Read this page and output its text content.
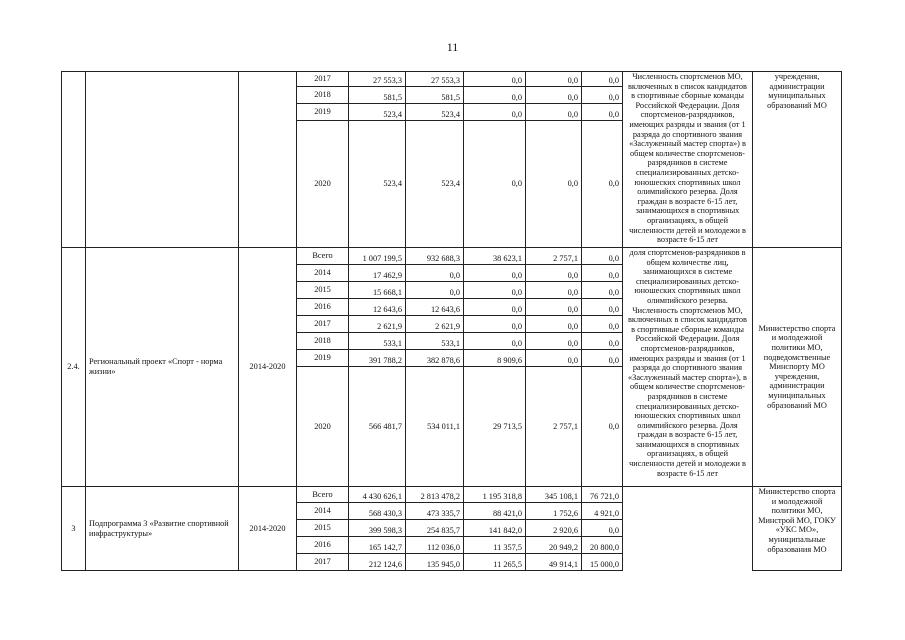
11
			2017	27 553,3	27 553,3	0,0	0,0	0,0	Численность спортсменов МО, включенных в список кандидатов в спортивные сборные команды Российской Федерации. Доля спортсменов-разрядников, имеющих разряды и звания (от 1 разряда до спортивного звания «Заслуженный мастер спорта») в общем количестве спортсменов-разрядников в системе специализированных детско-юношеских спортивных школ олимпийского резерва. Доля граждан в возрасте 6-15 лет, занимающихся в спортивных организациях, в общей численности детей и молодежи в возрасте 6-15 лет	учреждения, администрации муниципальных образований МО
			2018	581,5	581,5	0,0	0,0	0,0		
			2019	523,4	523,4	0,0	0,0	0,0		
			2020	523,4	523,4	0,0	0,0	0,0		
2.4.	Региональный проект «Спорт - норма жизни»	2014-2020	Всего	1 007 199,5	932 688,3	38 623,1	2 757,1	0,0	доля спортсменов-разрядников в общем количестве лиц, занимающихся в системе специализированных детско-юношеских спортивных школ олимпийского резерва. Численность спортсменов МО, включенных в список кандидатов в спортивные сборные команды Российской Федерации. Доля спортсменов-разрядников, имеющих разряды и звания (от 1 разряда до спортивного звания «Заслуженный мастер спорта»), в общем количестве спортсменов-разрядников в системе специализированных детско-юношеских спортивных школ олимпийского резерва. Доля граждан в возрасте 6-15 лет, занимающихся в спортивных организациях, в общей численности детей и молодежи в возрасте 6-15 лет	Министерство спорта и молодежной политики МО, подведомственные Минспорту МО учреждения, администрации муниципальных образований МО
			2014	17 462,9	0,0	0,0	0,0	0,0		
			2015	15 668,1	0,0	0,0	0,0	0,0		
			2016	12 643,6	12 643,6	0,0	0,0	0,0		
			2017	2 621,9	2 621,9	0,0	0,0	0,0		
			2018	533,1	533,1	0,0	0,0	0,0		
			2019	391 788,2	382 878,6	8 909,6	0,0	0,0		
			2020	566 481,7	534 011,1	29 713,5	2 757,1	0,0		
3	Подпрограмма 3 «Развитие спортивной инфраструктуры»	2014-2020	Всего	4 430 626,1	2 813 478,2	1 195 318,8	345 108,1	76 721,0		Министерство спорта и молодежной политики МО, Минстрой МО, ГОКУ «УКС МО», муниципальные образования МО
			2014	568 430,3	473 335,7	88 421,0	1 752,6	4 921,0		
			2015	399 598,3	254 835,7	141 842,0	2 920,6	0,0		
			2016	165 142,7	112 036,0	11 357,5	20 949,2	20 800,0		
			2017	212 124,6	135 945,0	11 265,5	49 914,1	15 000,0		
